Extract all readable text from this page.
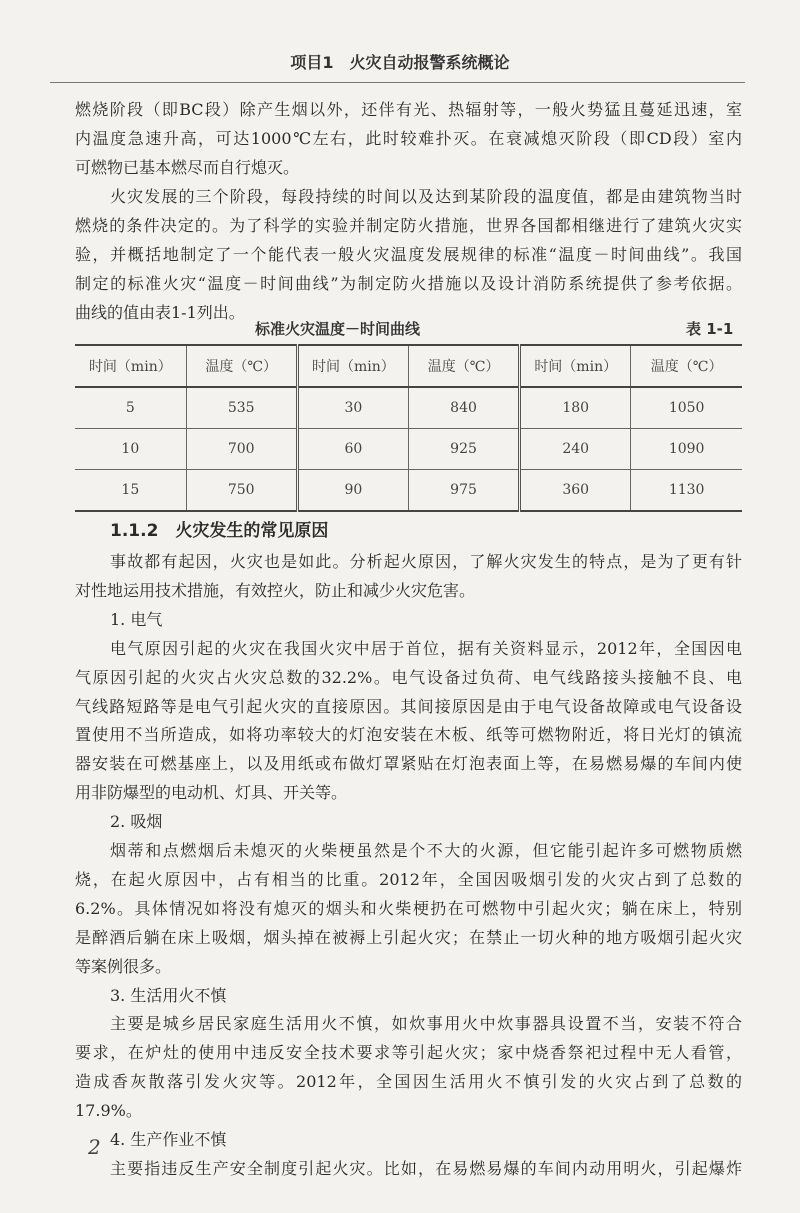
项目1　火灾自动报警系统概论
燃烧阶段（即BC段）除产生烟以外，还伴有光、热辐射等，一般火势猛且蔓延迅速，室
内温度急速升高，可达1000℃左右，此时较难扑灭。在衰减熄灭阶段（即CD段）室内
可燃物已基本燃尽而自行熄灭。
火灾发展的三个阶段，每段持续的时间以及达到某阶段的温度值，都是由建筑物当时
燃烧的条件决定的。为了科学的实验并制定防火措施，世界各国都相继进行了建筑火灾实
验，并概括地制定了一个能代表一般火灾温度发展规律的标准“温度－时间曲线”。我国
制定的标准火灾“温度－时间曲线”为制定防火措施以及设计消防系统提供了参考依据。
曲线的值由表1-1列出。
标准火灾温度－时间曲线	表 1-1
时间（min）	温度（℃）	时间（min）	温度（℃）	时间（min）	温度（℃）
5	535	30	840	180	1050
10	700	60	925	240	1090
15	750	90	975	360	1130
1.1.2　火灾发生的常见原因
事故都有起因，火灾也是如此。分析起火原因，了解火灾发生的特点，是为了更有针
对性地运用技术措施，有效控火，防止和减少火灾危害。
1. 电气
电气原因引起的火灾在我国火灾中居于首位，据有关资料显示，2012年，全国因电
气原因引起的火灾占火灾总数的32.2%。电气设备过负荷、电气线路接头接触不良、电
气线路短路等是电气引起火灾的直接原因。其间接原因是由于电气设备故障或电气设备设
置使用不当所造成，如将功率较大的灯泡安装在木板、纸等可燃物附近，将日光灯的镇流
器安装在可燃基座上，以及用纸或布做灯罩紧贴在灯泡表面上等，在易燃易爆的车间内使
用非防爆型的电动机、灯具、开关等。
2. 吸烟
烟蒂和点燃烟后未熄灭的火柴梗虽然是个不大的火源，但它能引起许多可燃物质燃
烧，在起火原因中，占有相当的比重。2012年，全国因吸烟引发的火灾占到了总数的
6.2%。具体情况如将没有熄灭的烟头和火柴梗扔在可燃物中引起火灾；躺在床上，特别
是醉酒后躺在床上吸烟，烟头掉在被褥上引起火灾；在禁止一切火种的地方吸烟引起火灾
等案例很多。
3. 生活用火不慎
主要是城乡居民家庭生活用火不慎，如炊事用火中炊事器具设置不当，安装不符合
要求，在炉灶的使用中违反安全技术要求等引起火灾；家中烧香祭祀过程中无人看管，
造成香灰散落引发火灾等。2012年，全国因生活用火不慎引发的火灾占到了总数的
17.9%。
4. 生产作业不慎
主要指违反生产安全制度引起火灾。比如，在易燃易爆的车间内动用明火，引起爆炸
2
